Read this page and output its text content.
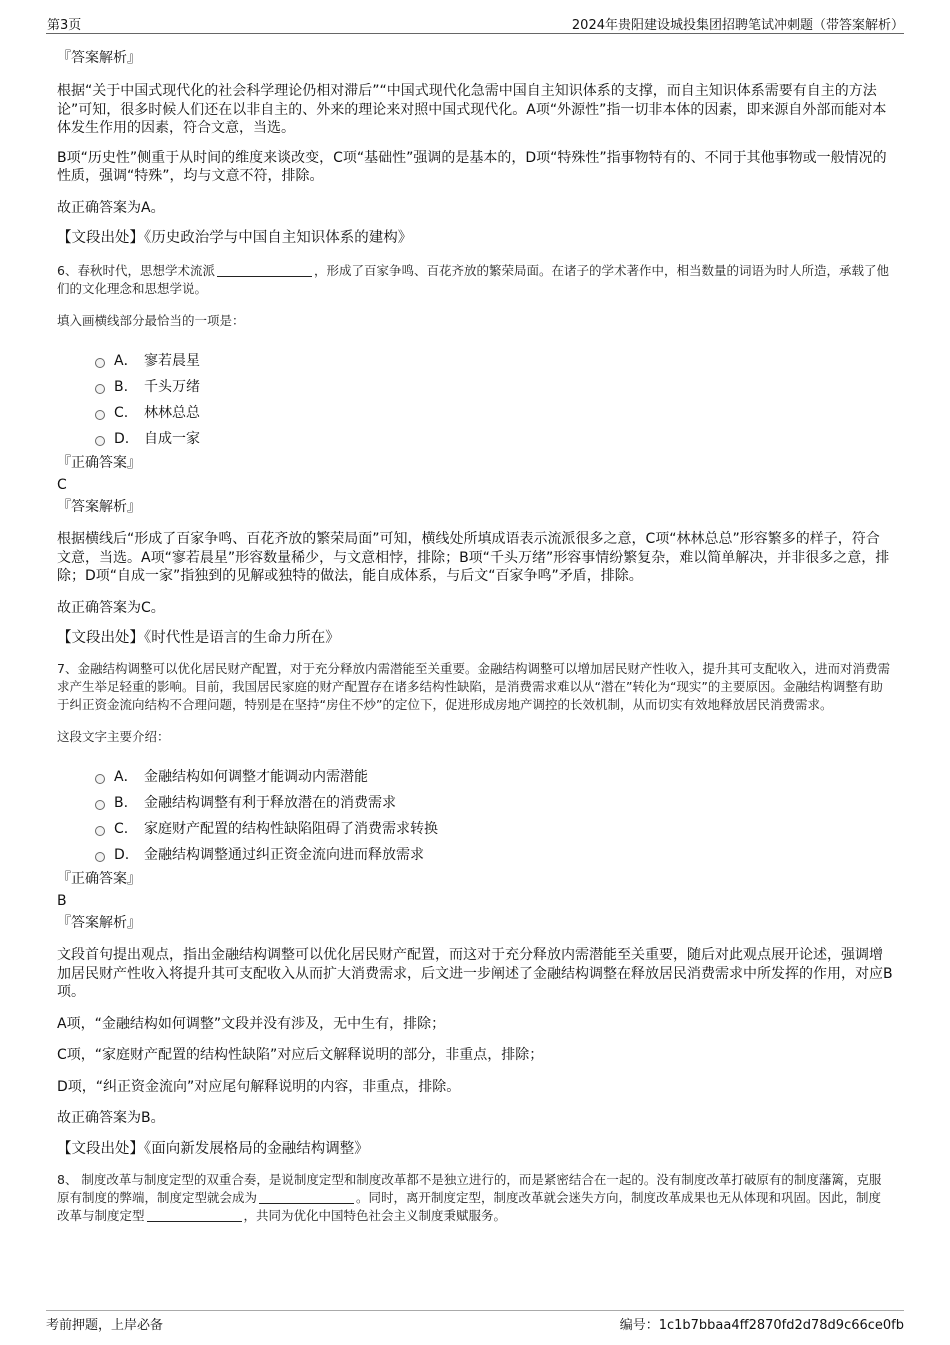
第3页	2024年贵阳建设城投集团招聘笔试冲刺题（带答案解析）
『答案解析』
根据“关于中国式现代化的社会科学理论仍相对滞后”“中国式现代化急需中国自主知识体系的支撑，而自主知识体系需要有自主的方法论”可知，很多时候人们还在以非自主的、外来的理论来对照中国式现代化。A项“外源性”指一切非本体的因素，即来源自外部而能对本体发生作用的因素，符合文意，当选。
B项“历史性”侧重于从时间的维度来谈改变，C项“基础性”强调的是基本的，D项“特殊性”指事物特有的、不同于其他事物或一般情况的性质，强调“特殊”，均与文意不符，排除。
故正确答案为A。
【文段出处】《历史政治学与中国自主知识体系的建构》
6、春秋时代，思想学术流派	，形成了百家争鸣、百花齐放的繁荣局面。在诸子的学术著作中，相当数量的词语为时人所造，承载了他们的文化理念和思想学说。
填入画横线部分最恰当的一项是：
A． 寥若晨星
B. 千头万绪
C. 林林总总
D. 自成一家
『正确答案』
C
『答案解析』
根据横线后“形成了百家争鸣、百花齐放的繁荣局面”可知，横线处所填成语表示流派很多之意，C项“林林总总”形容繁多的样子，符合文意，当选。A项“寥若晨星”形容数量稀少，与文意相悖，排除；B项“千头万绪”形容事情纷繁复杂，难以简单解决，并非很多之意，排除；D项“自成一家”指独到的见解或独特的做法，能自成体系，与后文“百家争鸣”矛盾，排除。
故正确答案为C。
【文段出处】《时代性是语言的生命力所在》
7、金融结构调整可以优化居民财产配置，对于充分释放内需潜能至关重要。金融结构调整可以增加居民财产性收入，提升其可支配收入，进而对消费需求产生举足轻重的影响。目前，我国居民家庭的财产配置存在诸多结构性缺陷，是消费需求难以从“潜在”转化为“现实”的主要原因。金融结构调整有助于纠正资金流向结构不合理问题，特别是在坚持“房住不炒”的定位下，促进形成房地产调控的长效机制，从而切实有效地释放居民消费需求。
这段文字主要介绍：
A． 金融结构如何调整才能调动内需潜能
B. 金融结构调整有利于释放潜在的消费需求
C. 家庭财产配置的结构性缺陷阻碍了消费需求转换
D. 金融结构调整通过纠正资金流向进而释放需求
『正确答案』
B
『答案解析』
文段首句提出观点，指出金融结构调整可以优化居民财产配置，而这对于充分释放内需潜能至关重要，随后对此观点展开论述，强调增加居民财产性收入将提升其可支配收入从而扩大消费需求，后文进一步阐述了金融结构调整在释放居民消费需求中所发挥的作用，对应B项。
A项，“金融结构如何调整”文段并没有涉及，无中生有，排除；
C项，“家庭财产配置的结构性缺陷”对应后文解释说明的部分，非重点，排除；
D项，“纠正资金流向”对应尾句解释说明的内容，非重点，排除。
故正确答案为B。
【文段出处】《面向新发展格局的金融结构调整》
8、 制度改革与制度定型的双重合奏，是说制度定型和制度改革都不是独立进行的，而是紧密结合在一起的。没有制度改革打破原有的制度藩篱，克服原有制度的弊端，制度定型就会成为	。同时，离开制度定型，制度改革就会迷失方向，制度改革成果也无从体现和巩固。因此，制度改革与制度定型	，共同为优化中国特色社会主义制度秉赋服务。
考前押题，上岸必备	编号：1c1b7bbaa4ff2870fd2d78d9c66ce0fb
